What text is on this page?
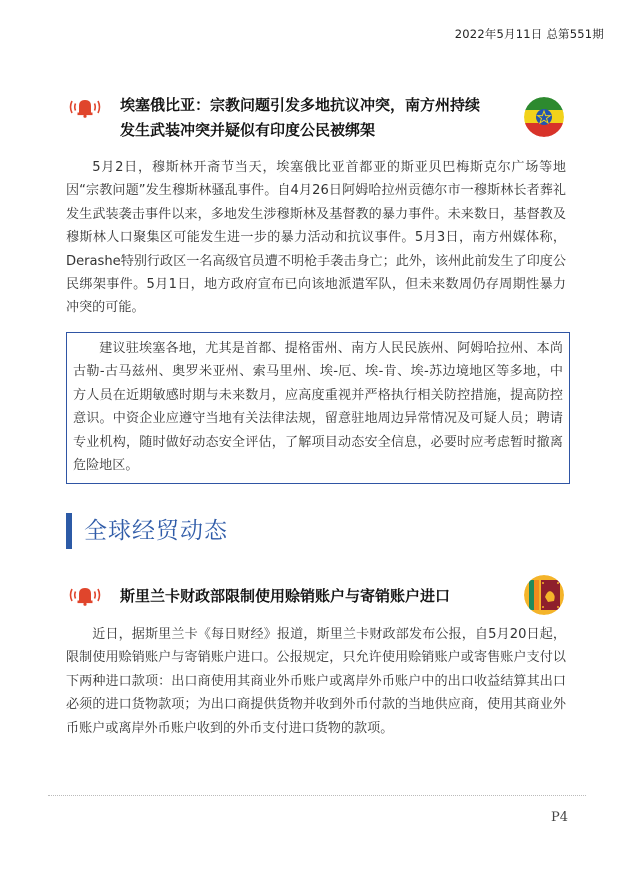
2022年5月11日 总第551期
埃塞俄比亚：宗教问题引发多地抗议冲突，南方州持续
发生武装冲突并疑似有印度公民被绑架

5月2日，穆斯林开斋节当天，埃塞俄比亚首都亚的斯亚贝巴梅斯克尔广场等地因“宗教问题”发生穆斯林骚乱事件。自4月26日阿姆哈拉州贡德尔市一穆斯林长者葬礼发生武装袭击事件以来，多地发生涉穆斯林及基督教的暴力事件。未来数日，基督教及穆斯林人口聚集区可能发生进一步的暴力活动和抗议事件。5月3日，南方州媒体称，Derashe特别行政区一名高级官员遭不明枪手袭击身亡；此外，该州此前发生了印度公民绑架事件。5月1日，地方政府宣布已向该地派遣军队，但未来数周仍存周期性暴力冲突的可能。

建议驻埃塞各地，尤其是首都、提格雷州、南方人民民族州、阿姆哈拉州、本尚古勒-古马兹州、奥罗米亚州、索马里州、埃-厄、埃-肯、埃-苏边境地区等多地，中方人员在近期敏感时期与未来数月，应高度重视并严格执行相关防控措施，提高防控意识。中资企业应遵守当地有关法律法规，留意驻地周边异常情况及可疑人员；聘请专业机构，随时做好动态安全评估，了解项目动态安全信息，必要时应考虑暂时撤离危险地区。

全球经贸动态
斯里兰卡财政部限制使用赊销账户与寄销账户进口

近日，据斯里兰卡《每日财经》报道，斯里兰卡财政部发布公报，自5月20日起，限制使用赊销账户与寄销账户进口。公报规定，只允许使用赊销账户或寄售账户支付以下两种进口款项：出口商使用其商业外币账户或离岸外币账户中的出口收益结算其出口必须的进口货物款项；为出口商提供货物并收到外币付款的当地供应商，使用其商业外币账户或离岸外币账户收到的外币支付进口货物的款项。

P4
